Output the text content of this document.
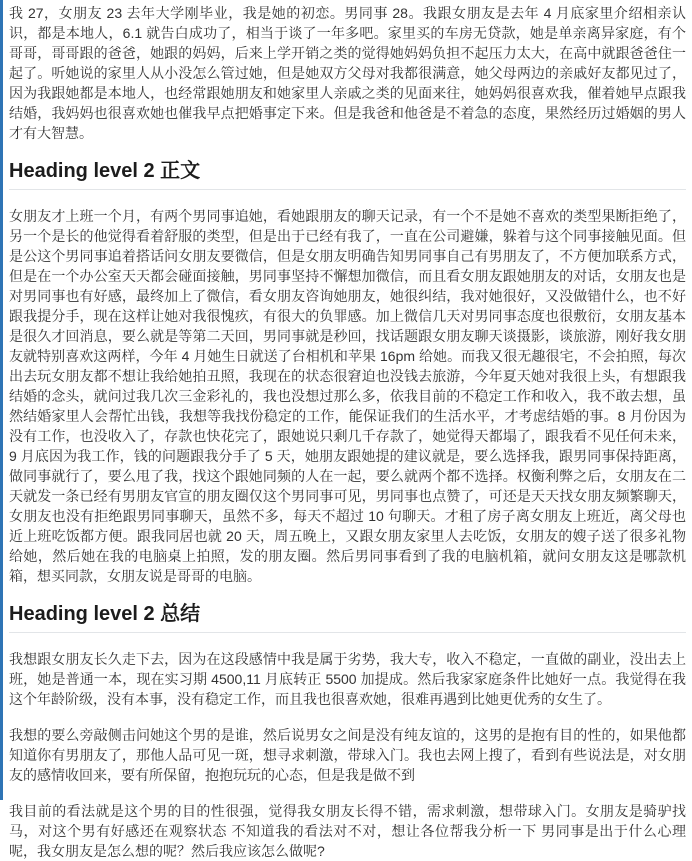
我 27，女朋友 23 去年大学刚毕业，我是她的初恋。男同事 28。我跟女朋友是去年 4 月底家里介绍相亲认识，都是本地人，6.1 就告白成功了，相当于谈了一年多吧。家里买的车房无贷款，她是单亲离异家庭，有个哥哥，哥哥跟的爸爸，她跟的妈妈，后来上学开销之类的觉得她妈妈负担不起压力太大，在高中就跟爸爸住一起了。听她说的家里人从小没怎么管过她，但是她双方父母对我都很满意，她父母两边的亲戚好友都见过了，因为我跟她都是本地人，也经常跟她朋友和她家里人亲戚之类的见面来往，她妈妈很喜欢我，催着她早点跟我结婚，我妈妈也很喜欢她也催我早点把婚事定下来。但是我爸和他爸是不着急的态度，果然经历过婚姻的男人才有大智慧。

Heading level 2 正文

女朋友才上班一个月，有两个男同事追她，看她跟朋友的聊天记录，有一个不是她不喜欢的类型果断拒绝了，另一个是长的他觉得看着舒服的类型，但是出于已经有我了，一直在公司避嫌，躲着与这个同事接触见面。但是公这个男同事追着搭话问女朋友要微信，但是女朋友明确告知男同事自己有男朋友了，不方便加联系方式，但是在一个办公室天天都会碰面接触，男同事坚持不懈想加微信，而且看女朋友跟她朋友的对话，女朋友也是对男同事也有好感，最终加上了微信，看女朋友咨询她朋友，她很纠结，我对她很好，又没做错什么，也不好跟我提分手，现在这样让她对我很愧疚，有很大的负罪感。加上微信几天对男同事态度也很敷衍，女朋友基本是很久才回消息，要么就是等第二天回，男同事就是秒回，找话题跟女朋友聊天谈摄影，谈旅游，刚好我女朋友就特别喜欢这两样，今年 4 月她生日就送了台相机和苹果 16pm 给她。而我又很无趣很宅，不会拍照，每次出去玩女朋友都不想让我给她拍丑照，我现在的状态很窘迫也没钱去旅游，今年夏天她对我很上头，有想跟我结婚的念头，就问过我几次三金彩礼的，我也没想过那么多，依我目前的不稳定工作和收入，我不敢去想，虽然结婚家里人会帮忙出钱，我想等我找份稳定的工作，能保证我们的生活水平，才考虑结婚的事。8 月份因为没有工作，也没收入了，存款也快花完了，跟她说只剩几千存款了，她觉得天都塌了，跟我看不见任何未来，9 月底因为我工作，钱的问题跟我分手了 5 天，她朋友跟她提的建议就是，要么选择我，跟男同事保持距离，做同事就行了，要么甩了我，找这个跟她同频的人在一起，要么就两个都不选择。权衡利弊之后，女朋友在二天就发一条已经有男朋友官宣的朋友圈仅这个男同事可见，男同事也点赞了，可还是天天找女朋友频繁聊天，女朋友也没有拒绝跟男同事聊天，虽然不多，每天不超过 10 句聊天。才租了房子离女朋友上班近，离父母也近上班吃饭都方便。跟我同居也就 20 天，周五晚上，又跟女朋友家里人去吃饭，女朋友的嫂子送了很多礼物给她，然后她在我的电脑桌上拍照，发的朋友圈。然后男同事看到了我的电脑机箱，就问女朋友这是哪款机箱，想买同款，女朋友说是哥哥的电脑。

Heading level 2 总结

我想跟女朋友长久走下去，因为在这段感情中我是属于劣势，我大专，收入不稳定，一直做的副业，没出去上班，她是普通一本，现在实习期 4500,11 月底转正 5500 加提成。然后我家家庭条件比她好一点。我觉得在我这个年龄阶级，没有本事，没有稳定工作，而且我也很喜欢她，很难再遇到比她更优秀的女生了。

我想的要么旁敲侧击问她这个男的是谁，然后说男女之间是没有纯友谊的，这男的是抱有目的性的，如果他都知道你有男朋友了，那他人品可见一斑，想寻求刺激，带球入门。我也去网上搜了，看到有些说法是，对女朋友的感情收回来，要有所保留，抱抱玩玩的心态，但是我是做不到

我目前的看法就是这个男的目的性很强，觉得我女朋友长得不错，需求刺激，想带球入门。女朋友是骑驴找马，对这个男有好感还在观察状态 不知道我的看法对不对，想让各位帮我分析一下 男同事是出于什么心理呢，我女朋友是怎么想的呢？然后我应该怎么做呢?
